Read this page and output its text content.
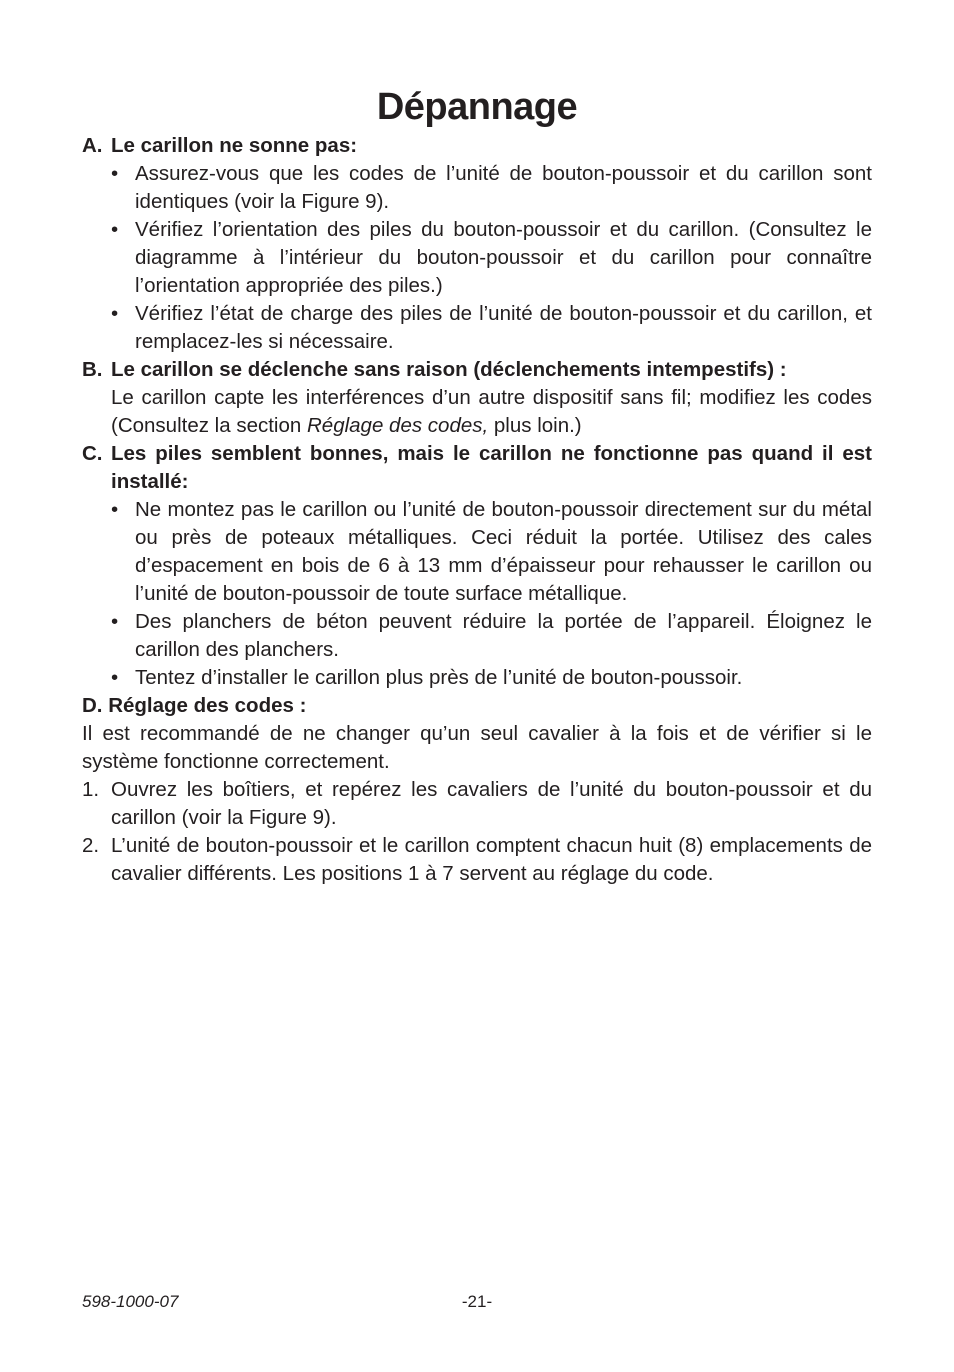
Dépannage
A. Le carillon ne sonne pas:
• Assurez-vous que les codes de l’unité de bouton-poussoir et du carillon sont identiques (voir la Figure 9).
• Vérifiez l’orientation des piles du bouton-poussoir et du carillon. (Consultez le diagramme à l’intérieur du bouton-poussoir et du carillon pour connaître l’orientation appropriée des piles.)
• Vérifiez l’état de charge des piles de l’unité de bouton-poussoir et du carillon, et remplacez-les si nécessaire.
B. Le carillon se déclenche sans raison (déclenchements intempestifs) :
Le carillon capte les interférences d’un autre dispositif sans fil; modifiez les codes (Consultez la section Réglage des codes, plus loin.)
C. Les piles semblent bonnes, mais le carillon ne fonctionne pas quand il est installé:
• Ne montez pas le carillon ou l’unité de bouton-poussoir directement sur du métal ou près de poteaux métalliques. Ceci réduit la portée. Utilisez des cales d’espacement en bois de 6 à 13 mm d’épaisseur pour rehausser le carillon ou l’unité de bouton-poussoir de toute surface métallique.
• Des planchers de béton peuvent réduire la portée de l’appareil. Éloignez le carillon des planchers.
• Tentez d’installer le carillon plus près de l’unité de bouton-poussoir.
D. Réglage des codes :
Il est recommandé de ne changer qu’un seul cavalier à la fois et de vérifier si le système fonctionne correctement.
1. Ouvrez les boîtiers, et repérez les cavaliers de l’unité du bouton-poussoir et du carillon (voir la Figure 9).
2. L’unité de bouton-poussoir et le carillon comptent chacun huit (8) emplacements de cavalier différents. Les positions 1 à 7 servent au réglage du code.
598-1000-07	-21-
